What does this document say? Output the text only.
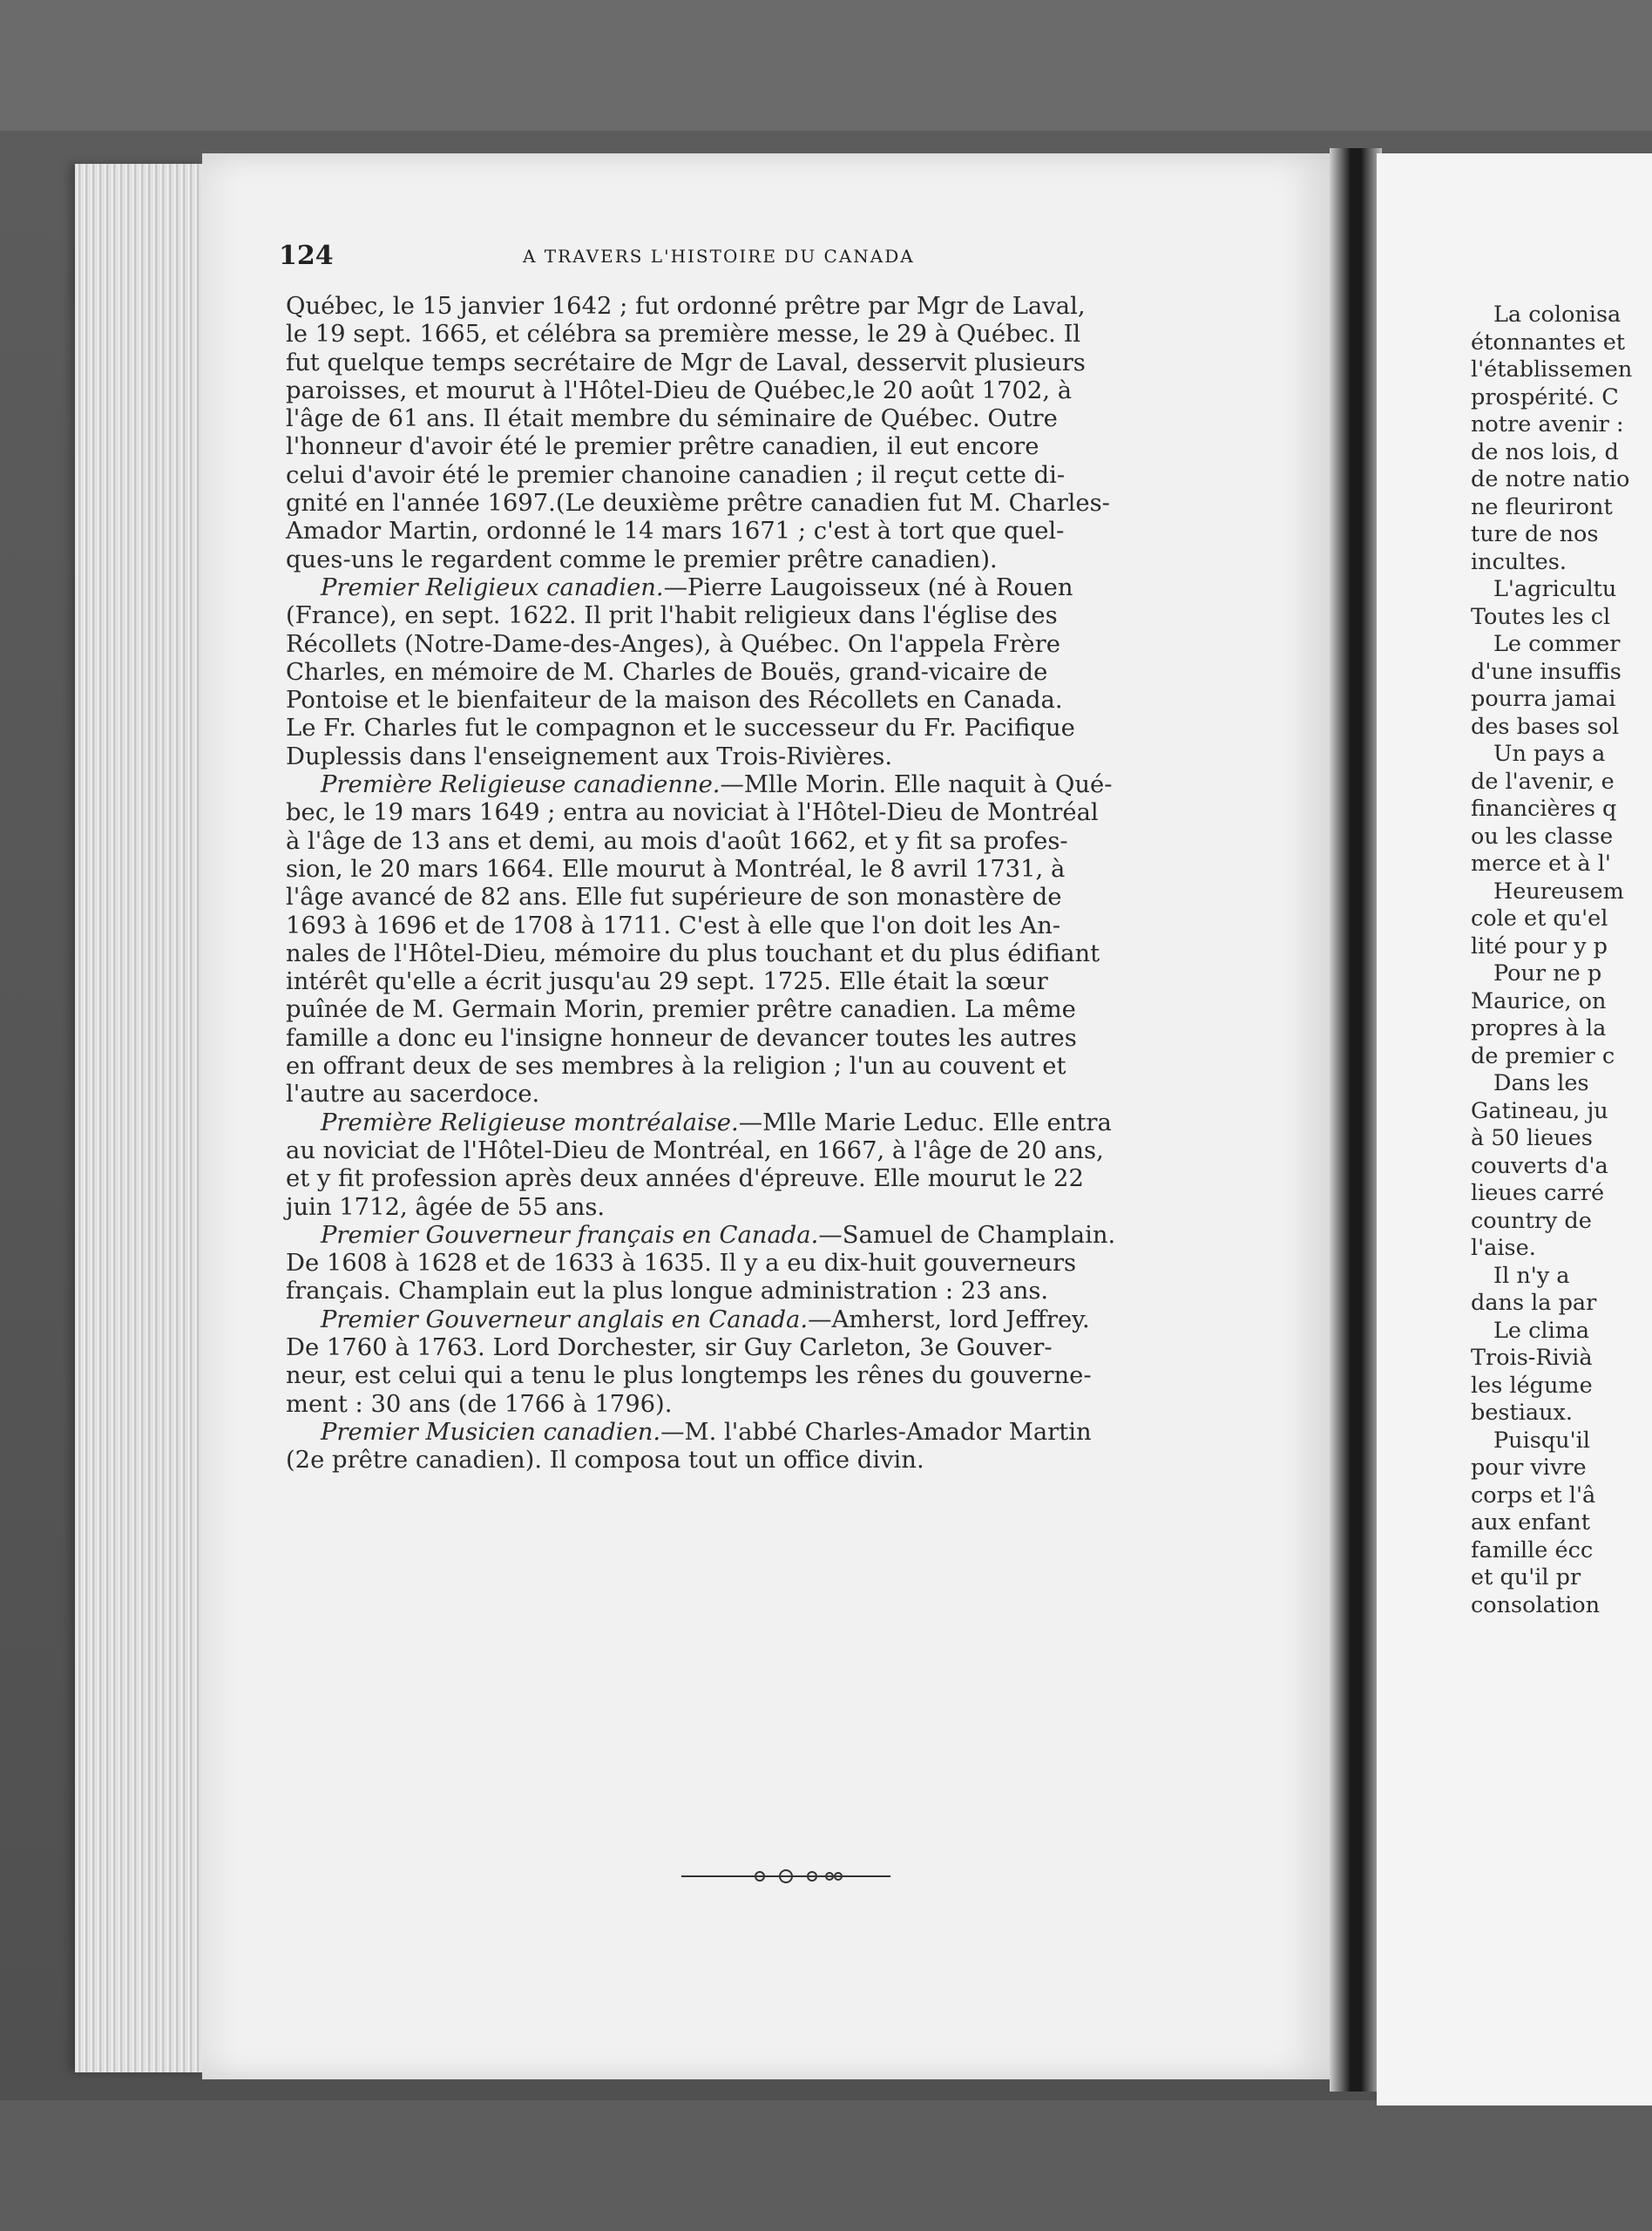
124	A TRAVERS L'HISTOIRE DU CANADA
Québec, le 15 janvier 1642 ; fut ordonné prêtre par Mgr de Laval,
le 19 sept. 1665, et célébra sa première messe, le 29 à Québec. Il
fut quelque temps secrétaire de Mgr de Laval, desservit plusieurs
paroisses, et mourut à l'Hôtel-Dieu de Québec,le 20 août 1702, à
l'âge de 61 ans. Il était membre du séminaire de Québec. Outre
l'honneur d'avoir été le premier prêtre canadien, il eut encore
celui d'avoir été le premier chanoine canadien ; il reçut cette di-
gnité en l'année 1697.(Le deuxième prêtre canadien fut M. Charles-
Amador Martin, ordonné le 14 mars 1671 ; c'est à tort que quel-
ques-uns le regardent comme le premier prêtre canadien).
Premier Religieux canadien.—Pierre Laugoisseux (né à Rouen
(France), en sept. 1622. Il prit l'habit religieux dans l'église des
Récollets (Notre-Dame-des-Anges), à Québec. On l'appela Frère
Charles, en mémoire de M. Charles de Bouës, grand-vicaire de
Pontoise et le bienfaiteur de la maison des Récollets en Canada.
Le Fr. Charles fut le compagnon et le successeur du Fr. Pacifique
Duplessis dans l'enseignement aux Trois-Rivières.
Première Religieuse canadienne.—Mlle Morin. Elle naquit à Qué-
bec, le 19 mars 1649 ; entra au noviciat à l'Hôtel-Dieu de Montréal
à l'âge de 13 ans et demi, au mois d'août 1662, et y fit sa profes-
sion, le 20 mars 1664. Elle mourut à Montréal, le 8 avril 1731, à
l'âge avancé de 82 ans. Elle fut supérieure de son monastère de
1693 à 1696 et de 1708 à 1711. C'est à elle que l'on doit les An-
nales de l'Hôtel-Dieu, mémoire du plus touchant et du plus édifiant
intérêt qu'elle a écrit jusqu'au 29 sept. 1725. Elle était la sœur
puînée de M. Germain Morin, premier prêtre canadien. La même
famille a donc eu l'insigne honneur de devancer toutes les autres
en offrant deux de ses membres à la religion ; l'un au couvent et
l'autre au sacerdoce.
Première Religieuse montréalaise.—Mlle Marie Leduc. Elle entra
au noviciat de l'Hôtel-Dieu de Montréal, en 1667, à l'âge de 20 ans,
et y fit profession après deux années d'épreuve. Elle mourut le 22
juin 1712, âgée de 55 ans.
Premier Gouverneur français en Canada.—Samuel de Champlain.
De 1608 à 1628 et de 1633 à 1635. Il y a eu dix-huit gouverneurs
français. Champlain eut la plus longue administration : 23 ans.
Premier Gouverneur anglais en Canada.—Amherst, lord Jeffrey.
De 1760 à 1763. Lord Dorchester, sir Guy Carleton, 3e Gouver-
neur, est celui qui a tenu le plus longtemps les rênes du gouverne-
ment : 30 ans (de 1766 à 1796).
Premier Musicien canadien.—M. l'abbé Charles-Amador Martin
(2e prêtre canadien). Il composa tout un office divin.
La colonisa
étonnantes et
l'établissemen
prospérité. C
notre avenir :
de nos lois, d
de notre natio
ne fleuriront
ture de nos
incultes.
L'agricultu
Toutes les cl
Le commer
d'une insuffis
pourra jamai
des bases sol
Un pays a
de l'avenir, e
financières q
ou les classe
merce et à l'
Heureusem
cole et qu'el
lité pour y p
Pour ne p
Maurice, on
propres à la
de premier c
Dans les
Gatineau, ju
à 50 lieues
couverts d'a
lieues carré
country de
l'aise.
Il n'y a
dans la par
Le clima
Trois-Rivià
les légume
bestiaux.
Puisqu'il
pour vivre
corps et l'â
aux enfant
famille écc
et qu'il pr
consolation
